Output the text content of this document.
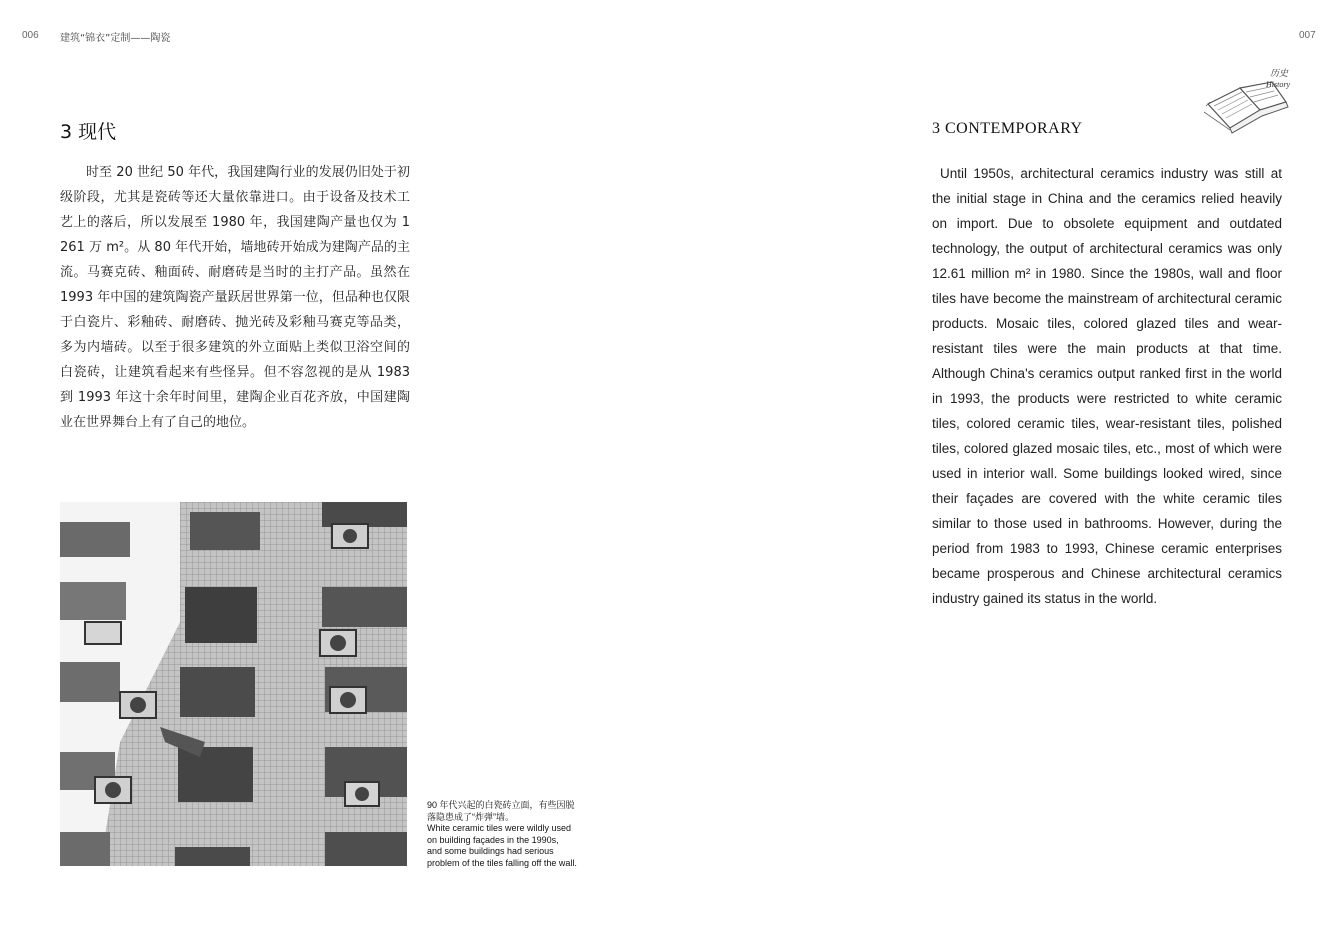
006 建筑“锦衣”定制——陶瓷	007
历史
History
3 现代

时至 20 世纪 50 年代，我国建陶行业的发展仍旧处于初级阶段，尤其是瓷砖等还大量依靠进口。由于设备及技术工艺上的落后，所以发展至 1980 年，我国建陶产量也仅为 1 261 万 m²。从 80 年代开始，墙地砖开始成为建陶产品的主流。马赛克砖、釉面砖、耐磨砖是当时的主打产品。虽然在 1993 年中国的建筑陶瓷产量跃居世界第一位，但品种也仅限于白瓷片、彩釉砖、耐磨砖、抛光砖及彩釉马赛克等品类，多为内墙砖。以至于很多建筑的外立面贴上类似卫浴空间的白瓷砖，让建筑看起来有些怪异。但不容忽视的是从 1983 到 1993 年这十余年时间里，建陶企业百花齐放，中国建陶业在世界舞台上有了自己的地位。

90 年代兴起的白瓷砖立面，有些因脱
落隐患成了“炸弹”墙。
White ceramic tiles were wildly used
on building façades in the 1990s,
and some buildings had serious
problem of the tiles falling off the wall.
3 CONTEMPORARY

Until 1950s, architectural ceramics industry was still at the initial stage in China and the ceramics relied heavily on import. Due to obsolete equipment and outdated technology, the output of architectural ceramics was only 12.61 million m² in 1980. Since the 1980s, wall and floor tiles have become the mainstream of architectural ceramic products. Mosaic tiles, colored glazed tiles and wear-resistant tiles were the main products at that time. Although China's ceramics output ranked first in the world in 1993, the products were restricted to white ceramic tiles, colored ceramic tiles, wear-resistant tiles, polished tiles, colored glazed mosaic tiles, etc., most of which were used in interior wall. Some buildings looked wired, since their façades are covered with the white ceramic tiles similar to those used in bathrooms. However, during the period from 1983 to 1993, Chinese ceramic enterprises became prosperous and Chinese architectural ceramics industry gained its status in the world.
